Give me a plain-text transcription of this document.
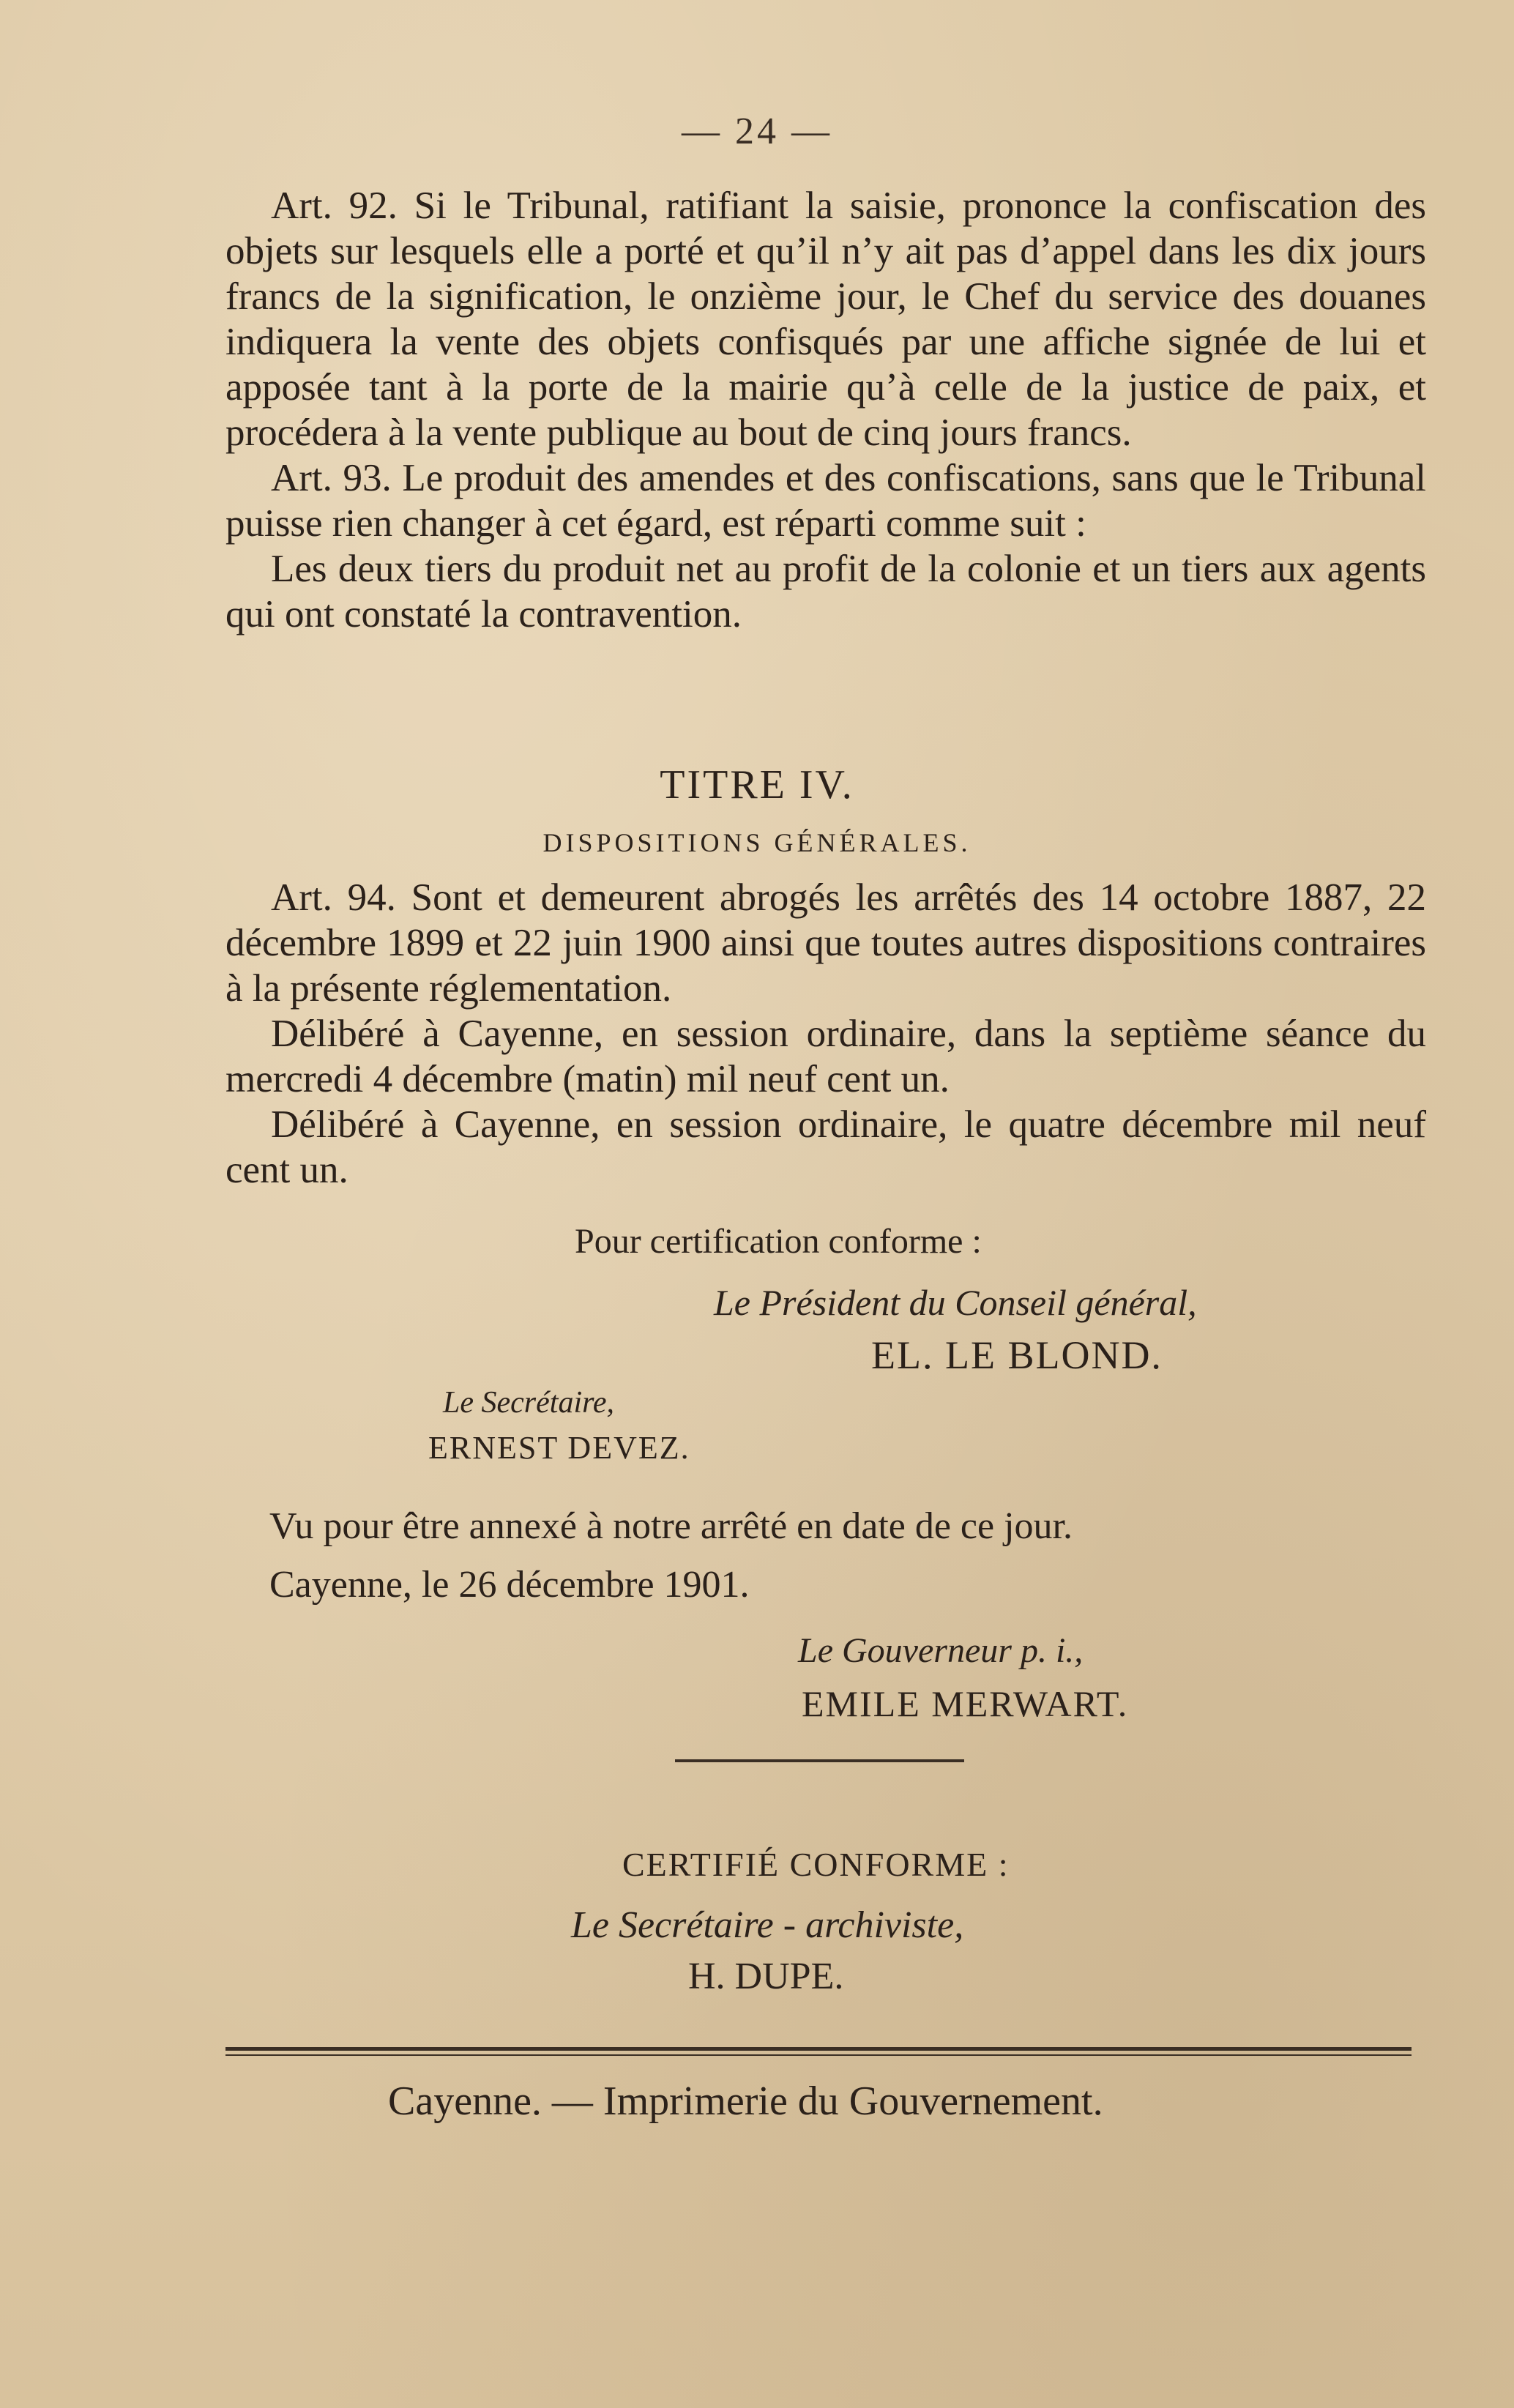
— 24 —

Art. 92. Si le Tribunal, ratifiant la saisie, prononce la confiscation des objets sur lesquels elle a porté et qu’il n’y ait pas d’appel dans les dix jours francs de la signification, le onzième jour, le Chef du service des douanes indiquera la vente des objets confisqués par une affiche signée de lui et apposée tant à la porte de la mairie qu’à celle de la justice de paix, et procédera à la vente publique au bout de cinq jours francs.

Art. 93. Le produit des amendes et des confiscations, sans que le Tribunal puisse rien changer à cet égard, est réparti comme suit :

Les deux tiers du produit net au profit de la colonie et un tiers aux agents qui ont constaté la contravention.

TITRE IV.
DISPOSITIONS GÉNÉRALES.

Art. 94. Sont et demeurent abrogés les arrêtés des 14 octobre 1887, 22 décembre 1899 et 22 juin 1900 ainsi que toutes autres dispositions contraires à la présente réglementation.

Délibéré à Cayenne, en session ordinaire, dans la septième séance du mercredi 4 décembre (matin) mil neuf cent un.

Délibéré à Cayenne, en session ordinaire, le quatre décembre mil neuf cent un.

Pour certification conforme :
Le Président du Conseil général,
EL. LE BLOND.
Le Secrétaire,
ERNEST DEVEZ.
Vu pour être annexé à notre arrêté en date de ce jour.
Cayenne, le 26 décembre 1901.
Le Gouverneur p. i.,
EMILE MERWART.
CERTIFIÉ CONFORME :
Le Secrétaire - archiviste,
H. DUPE.
Cayenne. — Imprimerie du Gouvernement.
